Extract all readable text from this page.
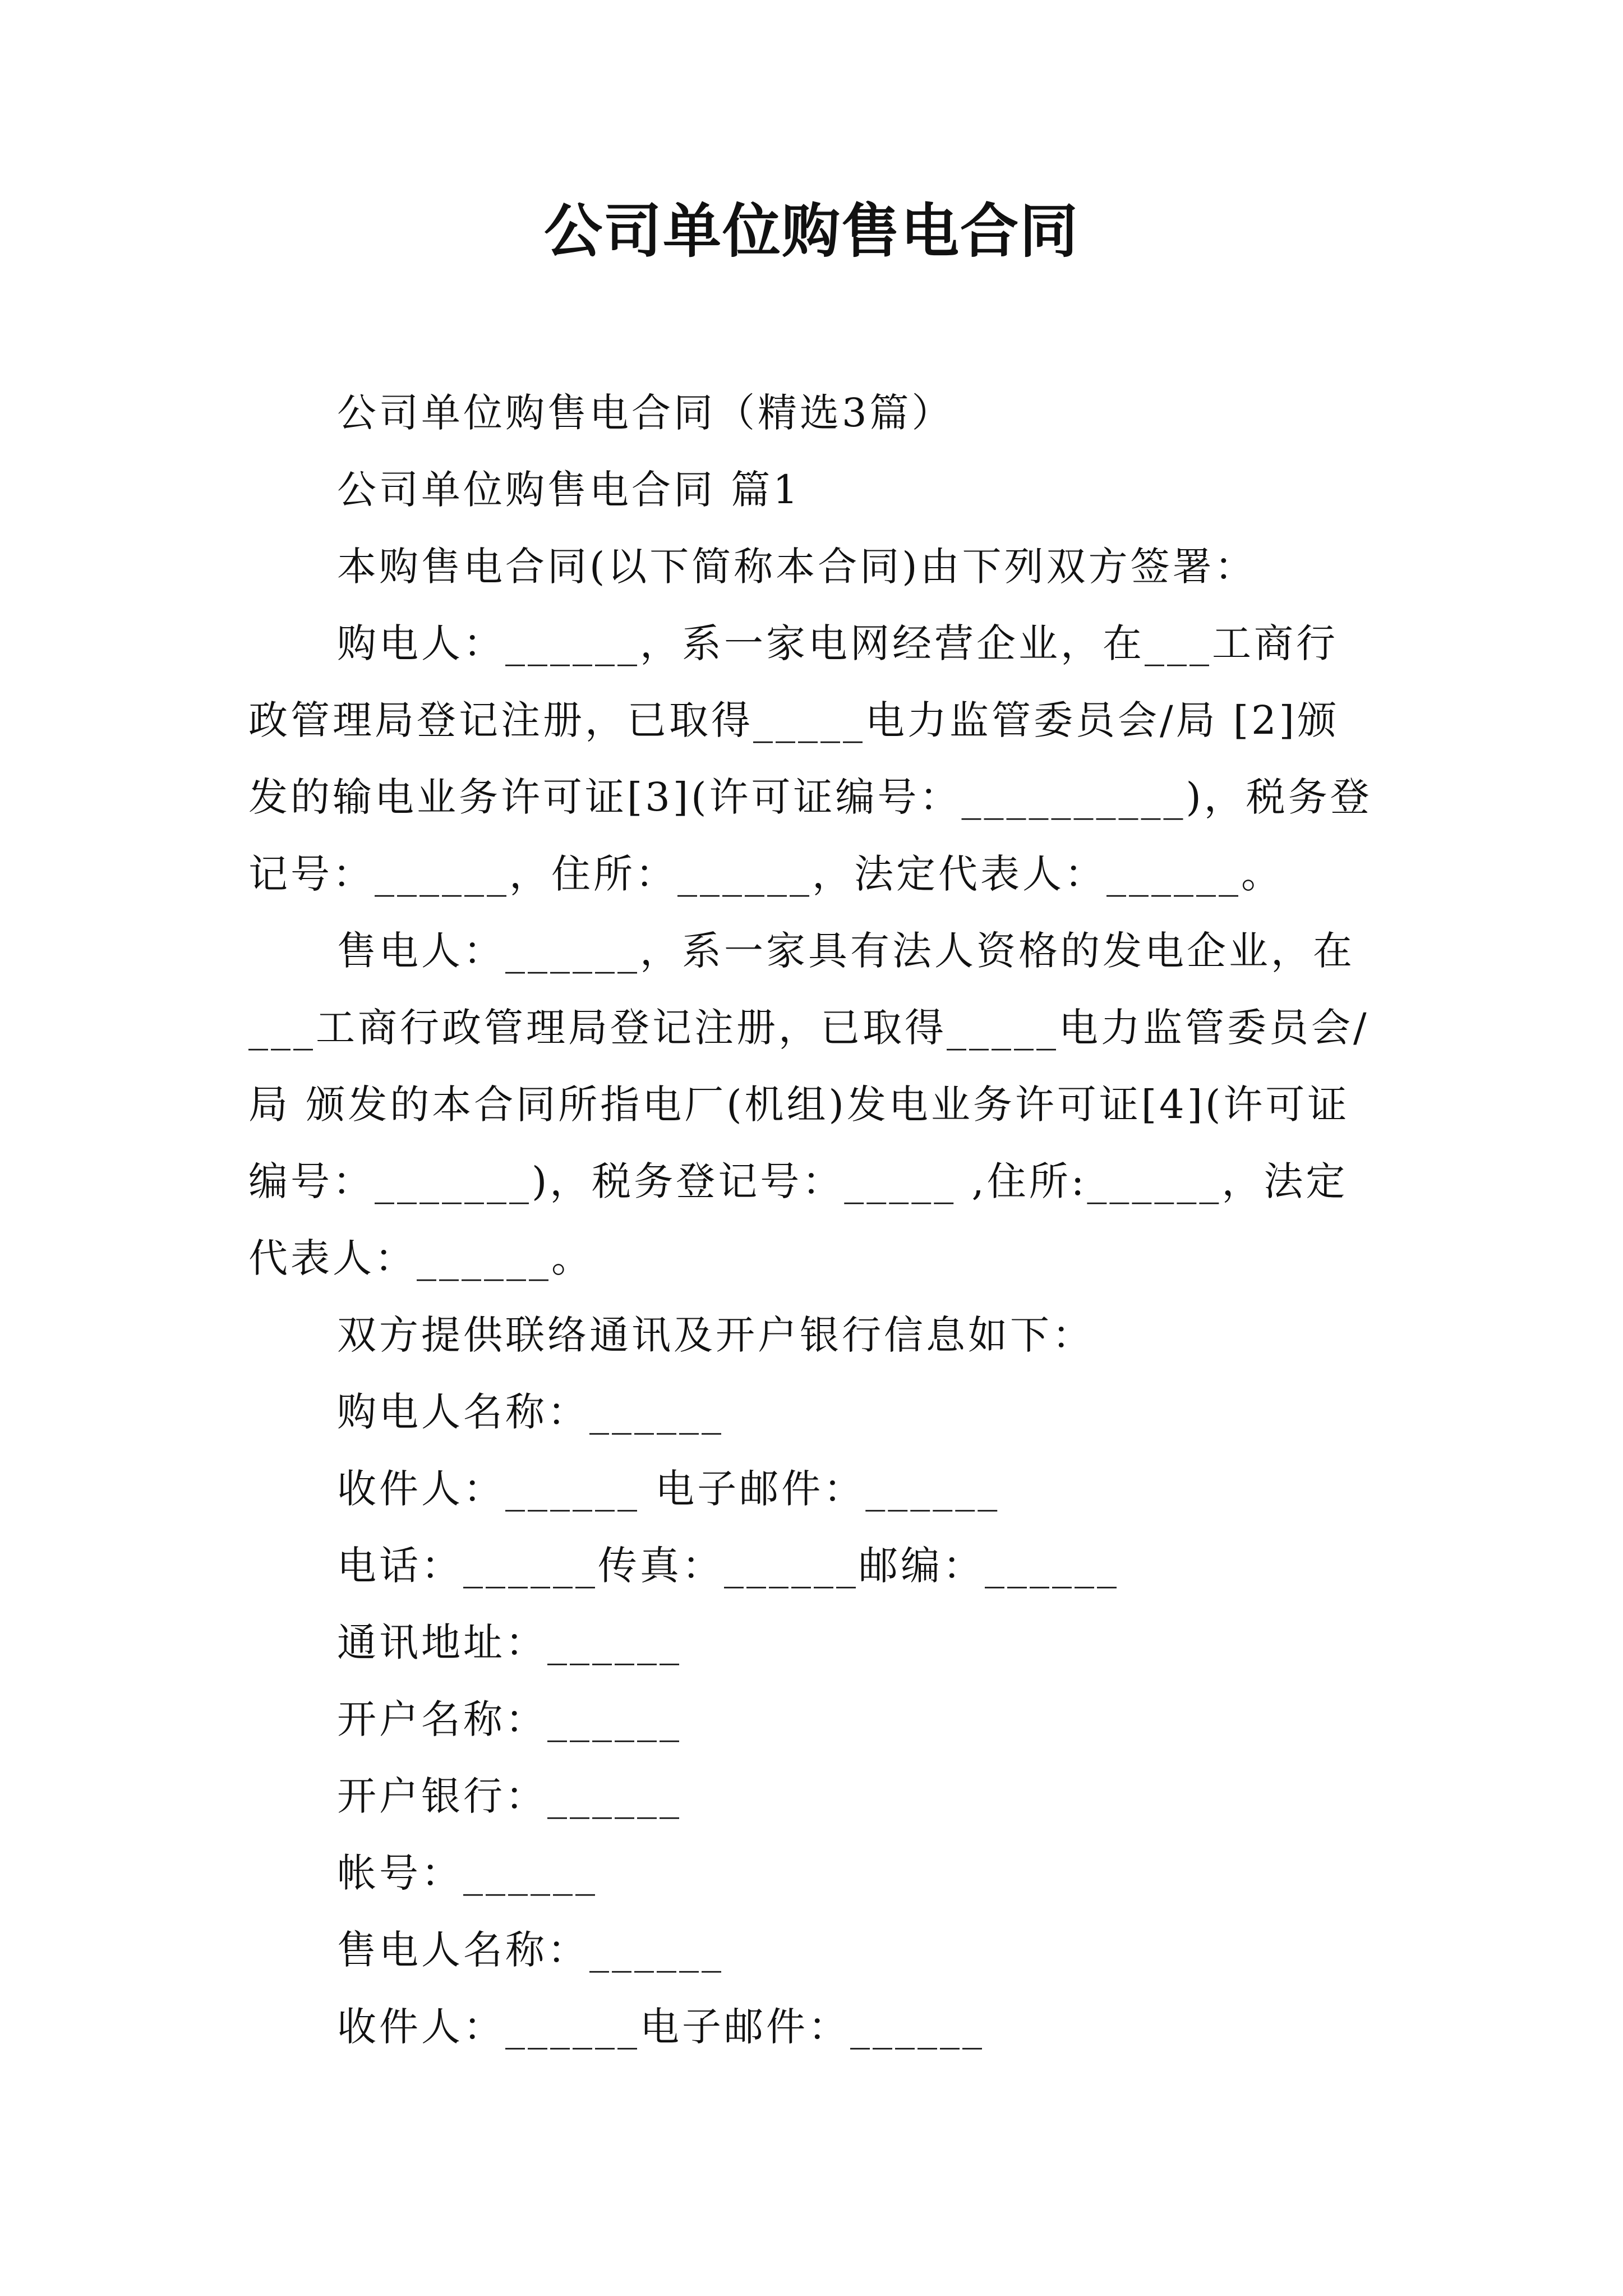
公司单位购售电合同

公司单位购售电合同（精选3篇）

公司单位购售电合同 篇1

本购售电合同(以下简称本合同)由下列双方签署：

购电人：______，系一家电网经营企业，在___工商行政管理局登记注册，已取得_____电力监管委员会/局 [2]颁发的输电业务许可证[3](许可证编号：__________)，税务登记号：______，住所：______，法定代表人：______。

售电人：______，系一家具有法人资格的发电企业，在___工商行政管理局登记注册，已取得_____电力监管委员会/局 颁发的本合同所指电厂(机组)发电业务许可证[4](许可证编号：_______)，税务登记号：_____ ,住所:______，法定代表人：______。

双方提供联络通讯及开户银行信息如下：

购电人名称：______

收件人：______ 电子邮件：______

电话：______传真：______邮编：______

通讯地址：______

开户名称：______

开户银行：______

帐号：______

售电人名称：______

收件人：______电子邮件：______
